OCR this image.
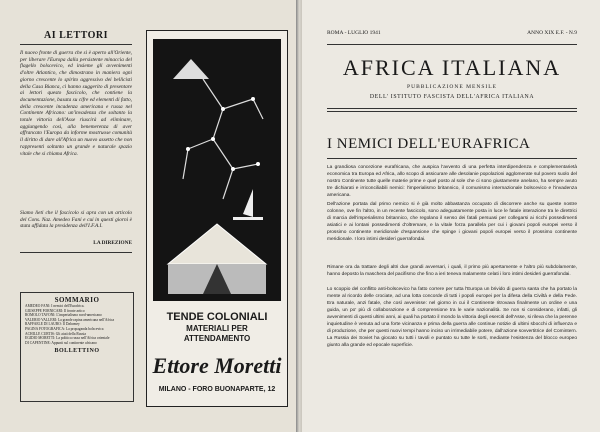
AI LETTORI
Il nuovo fronte di guerra che si è aperto all'Oriente, per liberare l'Europa dalla persistente minaccia del flagello bolscevico, ed insieme gli avvenimenti d'oltre Atlantico, che dimostrano in maniera ogni giorno crescente lo spirito aggressivo dei bellicisti della Casa Bianca, ci hanno suggerito di presentare ai lettori questo fascicolo, che contiene la documentazione, basata su cifre ed elementi di fatto, della crescente incadenza americana e russa nel Continente Africano: un'invadenza che soltanto la totale vittoria dell'Asse riuscirà ad eliminare, aggiungendo così, alla benemerenza di aver affrancato l'Europa da informe mostruose comunità il diritto di dare all'Africa un nuovo assetto che non rappresenti soltanto un grande e naturale spazio vitale che si chiama Africa.
Siamo lieti che il fascicolo si apra con un articolo del Cons. Naz. Amedeo Fani e cui in questi giorni è stata affidata la presidenza dell'I.F.A.I.
LA DIREZIONE
SOMMARIO
AMEDEO FANI: I nemici dell'Eurafrica.
GIUSEPPE FORNICARI: Il fronte artico
ROMOLO TAVONI: L'imperialismo nord-americano
VALERIO VALLERI: La grande rapina americana nell'Africa
RAFFAELE DI LAURO: Il Dahomey
PAGINA FOTOGRAFICA: La propaganda bolscevica
ACHILLE CURTIS: Gli aiuti della Russia
EGIDIO MORETTI: La politica russa nell'Africa orientale
DI CAPENTINE: Appunti sul continente africano
BOLLETTINO
TENDE COLONIALI
MATERIALI PER
ATTENDAMENTO
Ettore Moretti
MILANO - FORO BUONAPARTE, 12
ROMA - LUGLIO 1941	ANNO XIX E.F. - N.9
AFRICA ITALIANA
PUBBLICAZIONE MENSILE
DELL' ISTITUTO FASCISTA DELL'AFRICA ITALIANA
I NEMICI DELL'EURAFRICA
La grandiosa concezione eurafricana, che auspica l'avvento di una perfetta interdipendenza e complementarietà economica tra Europa ed Africa, allo scopo di assicurare alle desolanie popolazioni agglomerate sul povero suolo del nostro Continente tutte quelle materie prime e quel posto al sole che ci sono giustamente anelano, ha sempre avuto tre dichiarati e irriconciliabili nemici: l'imperialismo britannico, il comunismo internazionale bolscevico e l'invadenza americana.
Dell'azione portata dal primo nemico si è già molto abbastanza occupato di discorrere anche su queste nostre colonne, ove fin l'altro, in un recente fascicolo, sono adeguatamente posta in luce le fatale interazione tra le direttrici di marcia dell'imperialismo britannico, che regolano il senso dei fatali persuasi per collegarsi ai ricchi possedimenti asiatici e ai lontani possedimenti d'oltremare, e la vitale forza parallela per cui i giovani popoli europei verso il prossimo continente meridionale d'espansione che spinge i giovani popoli europei verso il prossimo continente meridionale. I loro intimi desideri guerrafondai.
Rimane ora da trattare degli altri due grandi avversari, i quali, il primo più apertamente e l'altro più subdolamente, hanno deposto la maschera del pacifismo che fino a ieri teneva malamente celati i loro intimi desideri guerrafondai.
Lo scoppio del conflitto anti-bolscevico ha fatto correre per tutta l'Europa un brivido di guerra santa che ha portato la mente al ricordo delle crociate, ad una lotta concorde di tutti i popoli europei per la difesa della Civiltà e della Fede. Era naturale, anzi fatale, che così avvenisse: nel giorno in cui il Continente ritrovava finalmente un ordine e una guida, un po' più di collaborazione e di comprensione tra le varie nazionalità. Se non si considerano, infatti, gli avvenimenti di questi ultimi anni, ai quali ha portato il mondo la vittoria degli eserciti dell'Asse, si rileva che la perenne inquietudine è venuta ad una forte vicinanza e prima della guerra alle continue notizie di ultimi sbocchi di influenza e di produzione, che per questi nuovi tempi hanno inciso un irrimediabile potere, dall'azione sovvertitrice del Comintern. La Russia dei Soviet ha giocato su tutti i tavoli e puntato su tutte le sorti, mediante l'esistenza del blocco europeo giunto alla grande ed epocale superficie.
